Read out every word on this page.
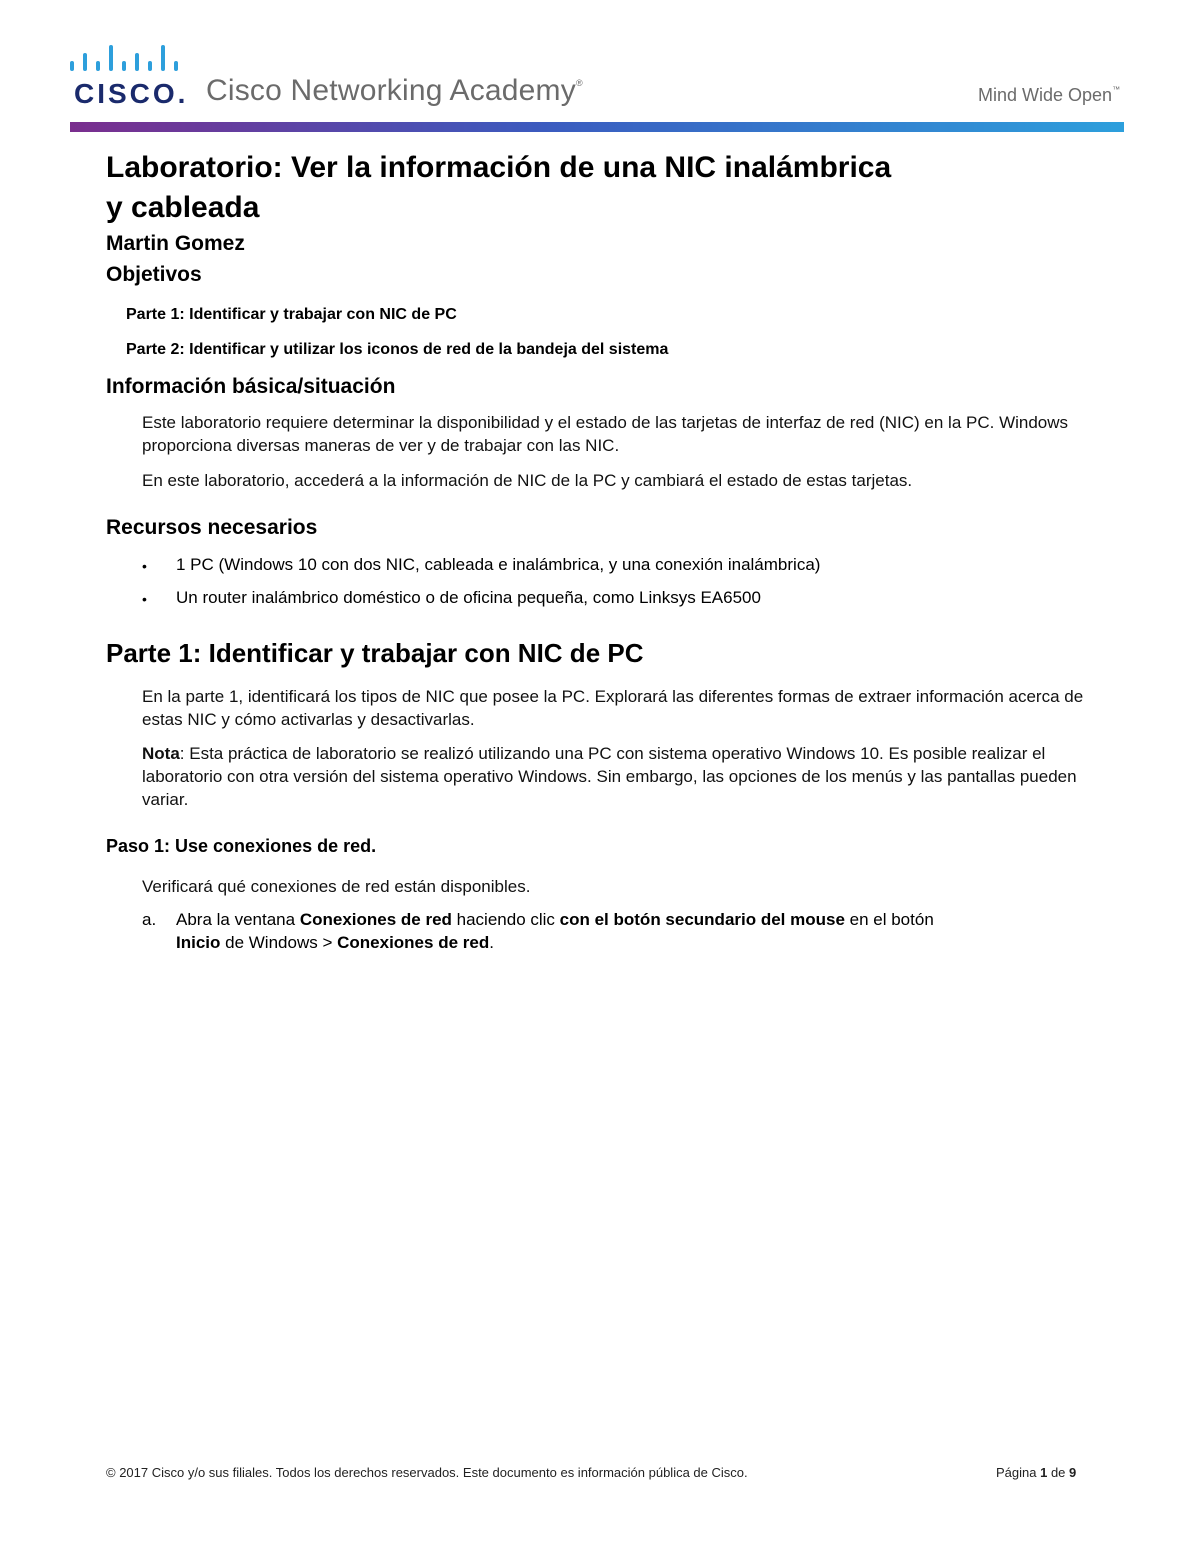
CISCO. Cisco Networking Academy®
Mind Wide Open™
Laboratorio: Ver la información de una NIC inalámbrica
y cableada

Martin Gomez

Objetivos

Parte 1: Identificar y trabajar con NIC de PC

Parte 2: Identificar y utilizar los iconos de red de la bandeja del sistema

Información básica/situación

Este laboratorio requiere determinar la disponibilidad y el estado de las tarjetas de interfaz de red (NIC) en la PC. Windows proporciona diversas maneras de ver y de trabajar con las NIC.

En este laboratorio, accederá a la información de NIC de la PC y cambiará el estado de estas tarjetas.

Recursos necesarios

•	1 PC (Windows 10 con dos NIC, cableada e inalámbrica, y una conexión inalámbrica)
•	Un router inalámbrico doméstico o de oficina pequeña, como Linksys EA6500
Parte 1: Identificar y trabajar con NIC de PC

En la parte 1, identificará los tipos de NIC que posee la PC. Explorará las diferentes formas de extraer información acerca de estas NIC y cómo activarlas y desactivarlas.

Nota: Esta práctica de laboratorio se realizó utilizando una PC con sistema operativo Windows 10. Es posible realizar el laboratorio con otra versión del sistema operativo Windows. Sin embargo, las opciones de los menús y las pantallas pueden variar.

Paso 1: Use conexiones de red.

Verificará qué conexiones de red están disponibles.

a.	Abra la ventana Conexiones de red haciendo clic con el botón secundario del mouse en el botón
Inicio de Windows > Conexiones de red.
© 2017 Cisco y/o sus filiales. Todos los derechos reservados. Este documento es información pública de Cisco.	Página 1 de 9
